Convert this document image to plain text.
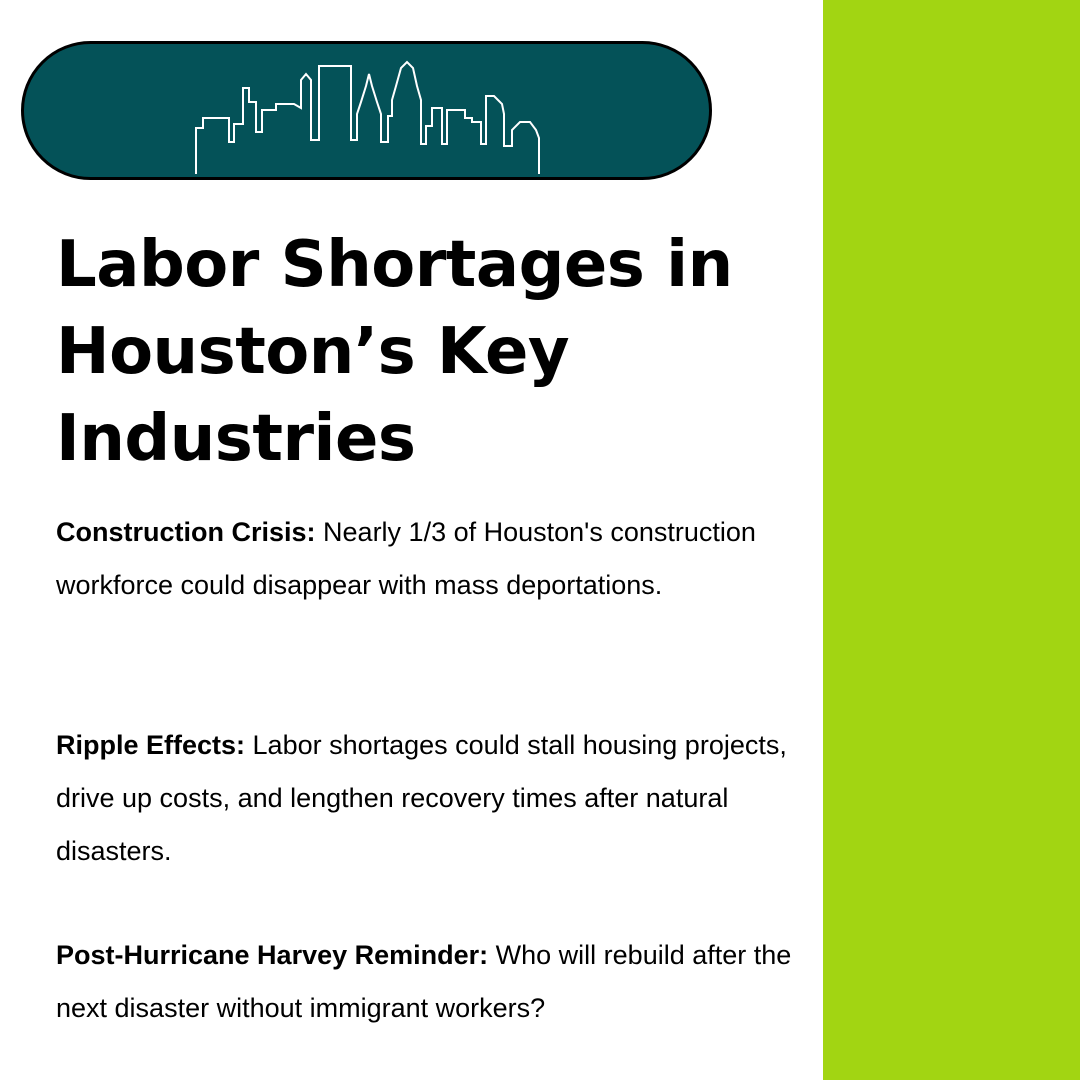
Labor Shortages in
Houston’s Key
Industries

Construction Crisis: Nearly 1/3 of Houston's construction workforce could disappear with mass deportations.

Ripple Effects: Labor shortages could stall housing projects, drive up costs, and lengthen recovery times after natural disasters.

Post-Hurricane Harvey Reminder: Who will rebuild after the next disaster without immigrant workers?
